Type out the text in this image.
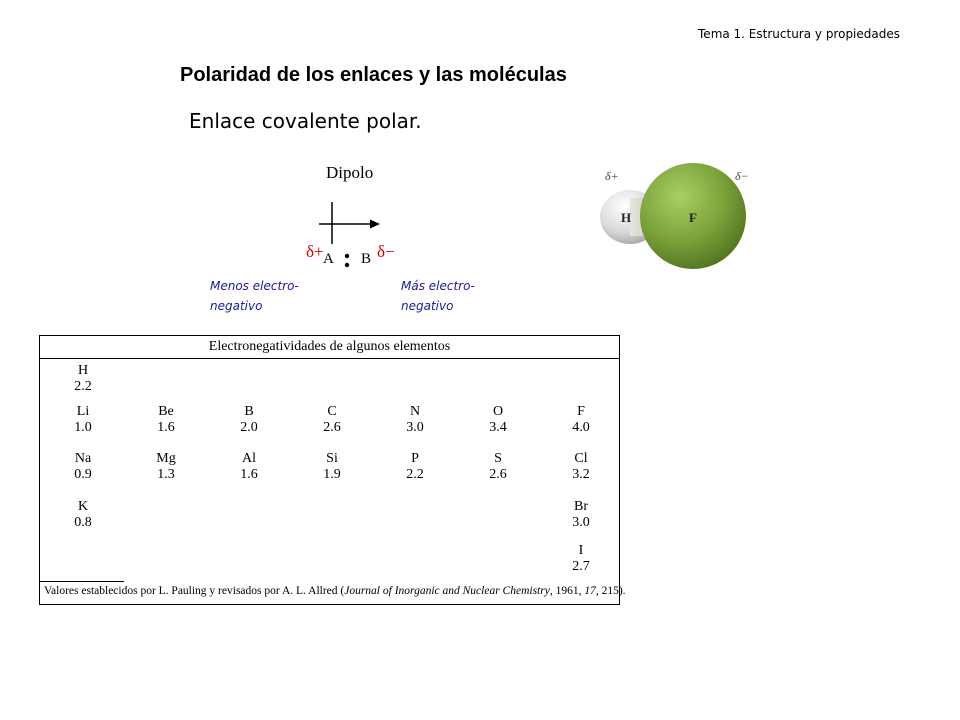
Tema 1. Estructura y propiedades
Polaridad de los enlaces y las moléculas
Enlace covalente polar.
Dipolo
δ+ A B δ−
Menos electro-
negativo
Más electro-
negativo
H	F
δ+	δ−
Electronegatividades de algunos elementos
H
2.2
Li
1.0
Be
1.6
B
2.0
C
2.6
N
3.0
O
3.4
F
4.0
Na
0.9
Mg
1.3
Al
1.6
Si
1.9
P
2.2
S
2.6
Cl
3.2
K
0.8
Br
3.0
I
2.7
Valores establecidos por L. Pauling y revisados por A. L. Allred (Journal of Inorganic and Nuclear Chemistry, 1961, 17, 215).
